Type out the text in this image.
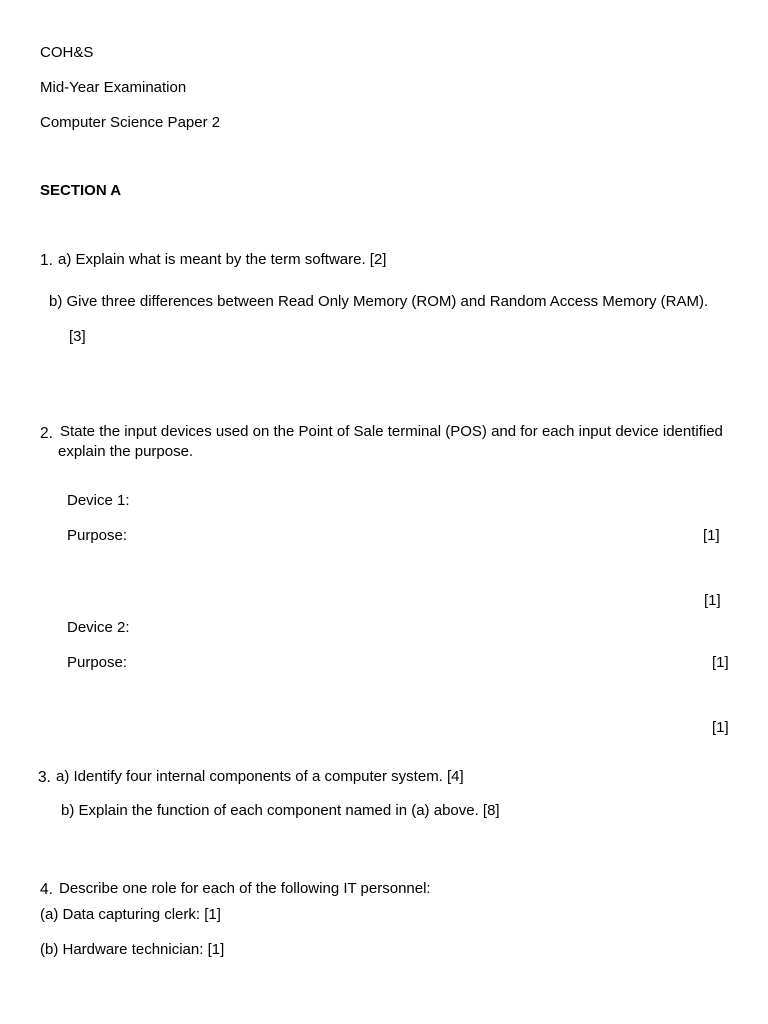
COH&S
Mid-Year Examination
Computer Science Paper 2
SECTION A
1. a) Explain what is meant by the term software. [2]
b) Give three differences between Read Only Memory (ROM) and Random Access Memory (RAM).
[3]
2. State the input devices used on the Point of Sale terminal (POS) and for each input device identified
explain the purpose.
Device 1:
Purpose:	[1]
[1]
Device 2:
Purpose:	[1]
[1]
3. a) Identify four internal components of a computer system. [4]
b) Explain the function of each component named in (a) above. [8]
4. Describe one role for each of the following IT personnel:
(a) Data capturing clerk: [1]
(b) Hardware technician: [1]
